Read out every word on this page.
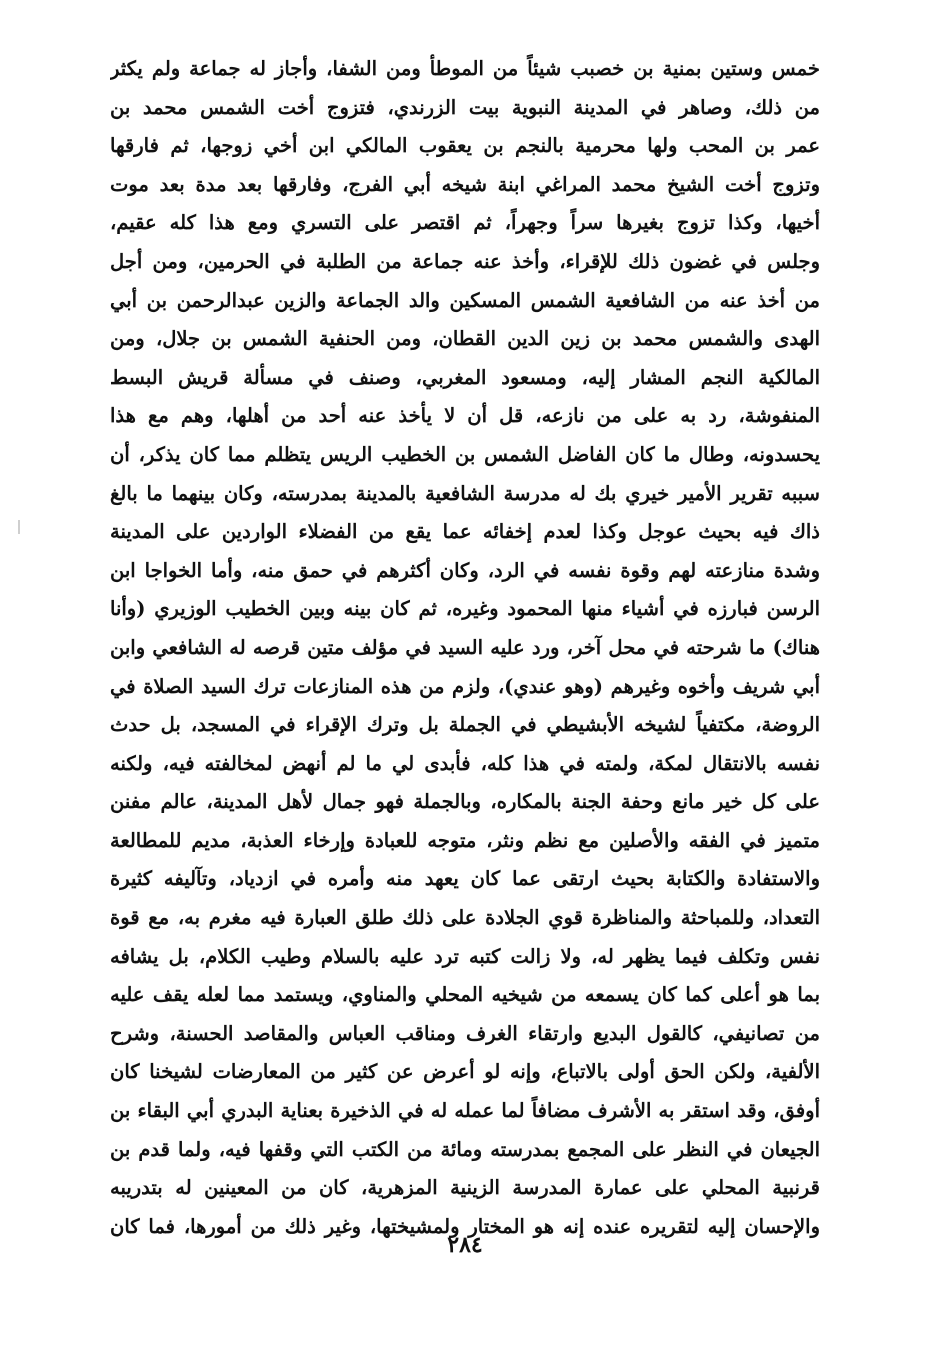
خمس وستين بمنية بن خصبب شيئاً من الموطأ ومن الشفا، وأجاز له جماعة ولم يكثر
من ذلك، وصاهر في المدينة النبوية بيت الزرندي، فتزوج أخت الشمس محمد بن
عمر بن المحب ولها محرمية بالنجم بن يعقوب المالكي ابن أخي زوجها، ثم فارقها
وتزوج أخت الشيخ محمد المراغي ابنة شيخه أبي الفرج، وفارقها بعد مدة بعد موت
أخيها، وكذا تزوج بغيرها سراً وجهراً، ثم اقتصر على التسري ومع هذا كله عقيم،
وجلس في غضون ذلك للإقراء، وأخذ عنه جماعة من الطلبة في الحرمين، ومن أجل
من أخذ عنه من الشافعية الشمس المسكين والد الجماعة والزين عبدالرحمن بن أبي
الهدى والشمس محمد بن زين الدين القطان، ومن الحنفية الشمس بن جلال، ومن
المالكية النجم المشار إليه، ومسعود المغربي، وصنف في مسألة قريش البسط
المنفوشة، رد به على من نازعه، قل أن لا يأخذ عنه أحد من أهلها، وهم مع هذا
يحسدونه، وطال ما كان الفاضل الشمس بن الخطيب الريس يتظلم مما كان يذكر، أن
سببه تقرير الأمير خيري بك له مدرسة الشافعية بالمدينة بمدرسته، وكان بينهما ما بالغ
ذاك فيه بحيث عوجل وكذا لعدم إخفائه عما يقع من الفضلاء الواردين على المدينة
وشدة منازعته لهم وقوة نفسه في الرد، وكان أكثرهم في حمق منه، وأما الخواجا ابن
الرسن فبارزه في أشياء منها المحمود وغيره، ثم كان بينه وبين الخطيب الوزيري (وأنا
هناك) ما شرحته في محل آخر، ورد عليه السيد في مؤلف متين قرصه له الشافعي وابن
أبي شريف وأخوه وغيرهم (وهو عندي)، ولزم من هذه المنازعات ترك السيد الصلاة في
الروضة، مكتفياً لشيخه الأبشيطي في الجملة بل وترك الإقراء في المسجد، بل حدث
نفسه بالانتقال لمكة، ولمته في هذا كله، فأبدى لي ما لم أنهض لمخالفته فيه، ولكنه
على كل خير مانع وحفة الجنة بالمكاره، وبالجملة فهو جمال لأهل المدينة، عالم مفنن
متميز في الفقه والأصلين مع نظم ونثر، متوجه للعبادة وإرخاء العذبة، مديم للمطالعة
والاستفادة والكتابة بحيث ارتقى عما كان يعهد منه وأمره في ازدياد، وتآليفه كثيرة
التعداد، وللمباحثة والمناظرة قوي الجلادة على ذلك طلق العبارة فيه مغرم به، مع قوة
نفس وتكلف فيما يظهر له، ولا زالت كتبه ترد عليه بالسلام وطيب الكلام، بل يشافه
بما هو أعلى كما كان يسمعه من شيخيه المحلي والمناوي، ويستمد مما لعله يقف عليه
من تصانيفي، كالقول البديع وارتقاء الغرف ومناقب العباس والمقاصد الحسنة، وشرح
الألفية، ولكن الحق أولى بالاتباع، وإنه لو أعرض عن كثير من المعارضات لشيخنا كان
أوفق، وقد استقر به الأشرف مضافاً لما عمله له في الذخيرة بعناية البدري أبي البقاء بن
الجيعان في النظر على المجمع بمدرسته ومائة من الكتب التي وقفها فيه، ولما قدم بن
قرنبية المحلي على عمارة المدرسة الزينية المزهرية، كان من المعينين له بتدريبه
والإحسان إليه لتقريره عنده إنه هو المختار ولمشيختها، وغير ذلك من أمورها، فما كان
٢٨٤
